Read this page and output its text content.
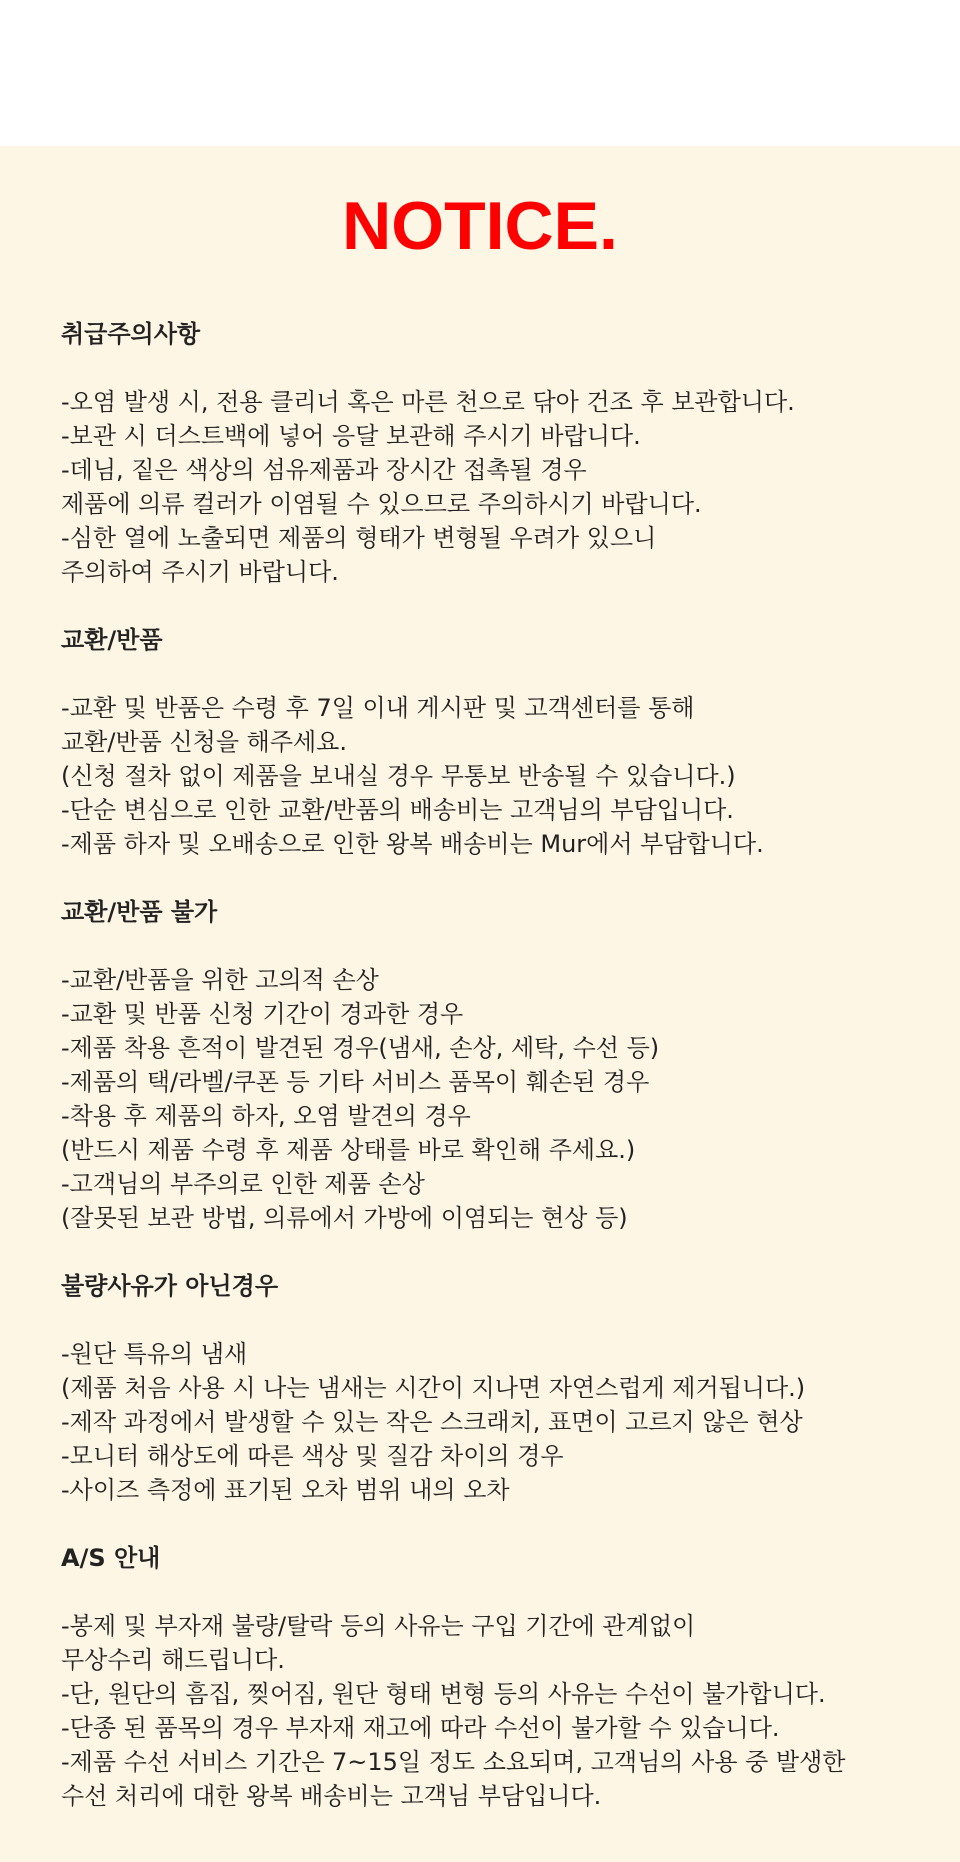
NOTICE.
취급주의사항
-오염 발생 시, 전용 클리너 혹은 마른 천으로 닦아 건조 후 보관합니다.
-보관 시 더스트백에 넣어 응달 보관해 주시기 바랍니다.
-데님, 짙은 색상의 섬유제품과 장시간 접촉될 경우
제품에 의류 컬러가 이염될 수 있으므로 주의하시기 바랍니다.
-심한 열에 노출되면 제품의 형태가 변형될 우려가 있으니
주의하여 주시기 바랍니다.
교환/반품
-교환 및 반품은 수령 후 7일 이내 게시판 및 고객센터를 통해
교환/반품 신청을 해주세요.
(신청 절차 없이 제품을 보내실 경우 무통보 반송될 수 있습니다.)
-단순 변심으로 인한 교환/반품의 배송비는 고객님의 부담입니다.
-제품 하자 및 오배송으로 인한 왕복 배송비는 Mur에서 부담합니다.
교환/반품 불가
-교환/반품을 위한 고의적 손상
-교환 및 반품 신청 기간이 경과한 경우
-제품 착용 흔적이 발견된 경우(냄새, 손상, 세탁, 수선 등)
-제품의 택/라벨/쿠폰 등 기타 서비스 품목이 훼손된 경우
-착용 후 제품의 하자, 오염 발견의 경우
(반드시 제품 수령 후 제품 상태를 바로 확인해 주세요.)
-고객님의 부주의로 인한 제품 손상
(잘못된 보관 방법, 의류에서 가방에 이염되는 현상 등)
불량사유가 아닌경우
-원단 특유의 냄새
(제품 처음 사용 시 나는 냄새는 시간이 지나면 자연스럽게 제거됩니다.)
-제작 과정에서 발생할 수 있는 작은 스크래치, 표면이 고르지 않은 현상
-모니터 해상도에 따른 색상 및 질감 차이의 경우
-사이즈 측정에 표기된 오차 범위 내의 오차
A/S 안내
-봉제 및 부자재 불량/탈락 등의 사유는 구입 기간에 관계없이
무상수리 해드립니다.
-단, 원단의 흠집, 찢어짐, 원단 형태 변형 등의 사유는 수선이 불가합니다.
-단종 된 품목의 경우 부자재 재고에 따라 수선이 불가할 수 있습니다.
-제품 수선 서비스 기간은 7~15일 정도 소요되며, 고객님의 사용 중 발생한
수선 처리에 대한 왕복 배송비는 고객님 부담입니다.
